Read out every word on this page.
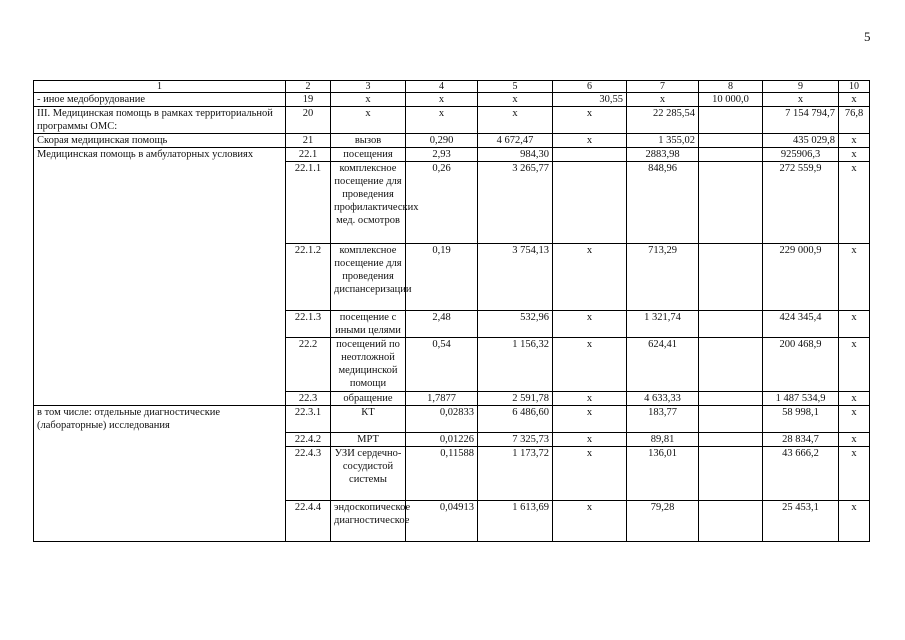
5
1	2	3	4	5	6	7	8	9	10
- иное медоборудование	19	x	x	x	30,55	x	10 000,0	x	x
III. Медицинская помощь в рамках территориальной программы ОМС:	20	x	x	x	x	22 285,54		7 154 794,7	76,8
Скорая медицинская помощь	21	вызов	0,290	4 672,47	x	1 355,02		435 029,8	x
Медицинская помощь в амбулаторных условиях	22.1	посещения	2,93	984,30		2883,98		925906,3	x
	22.1.1	комплексное посещение для проведения профилактических мед. осмотров	0,26	3 265,77		848,96		272 559,9	x
	22.1.2	комплексное посещение для проведения диспансеризации	0,19	3 754,13	x	713,29		229 000,9	x
	22.1.3	посещение с иными целями	2,48	532,96	x	1 321,74		424 345,4	x
	22.2	посещений по неотложной медицинской помощи	0,54	1 156,32	x	624,41		200 468,9	x
	22.3	обращение	1,7877	2 591,78	x	4 633,33		1 487 534,9	x
в том числе: отдельные диагностические (лабораторные) исследования	22.3.1	КТ	0,02833	6 486,60	x	183,77		58 998,1	x
	22.4.2	МРТ	0,01226	7 325,73	x	89,81		28 834,7	x
	22.4.3	УЗИ сердечно-сосудистой системы	0,11588	1 173,72	x	136,01		43 666,2	x
	22.4.4	эндоскопическое диагностическое	0,04913	1 613,69	x	79,28		25 453,1	x
